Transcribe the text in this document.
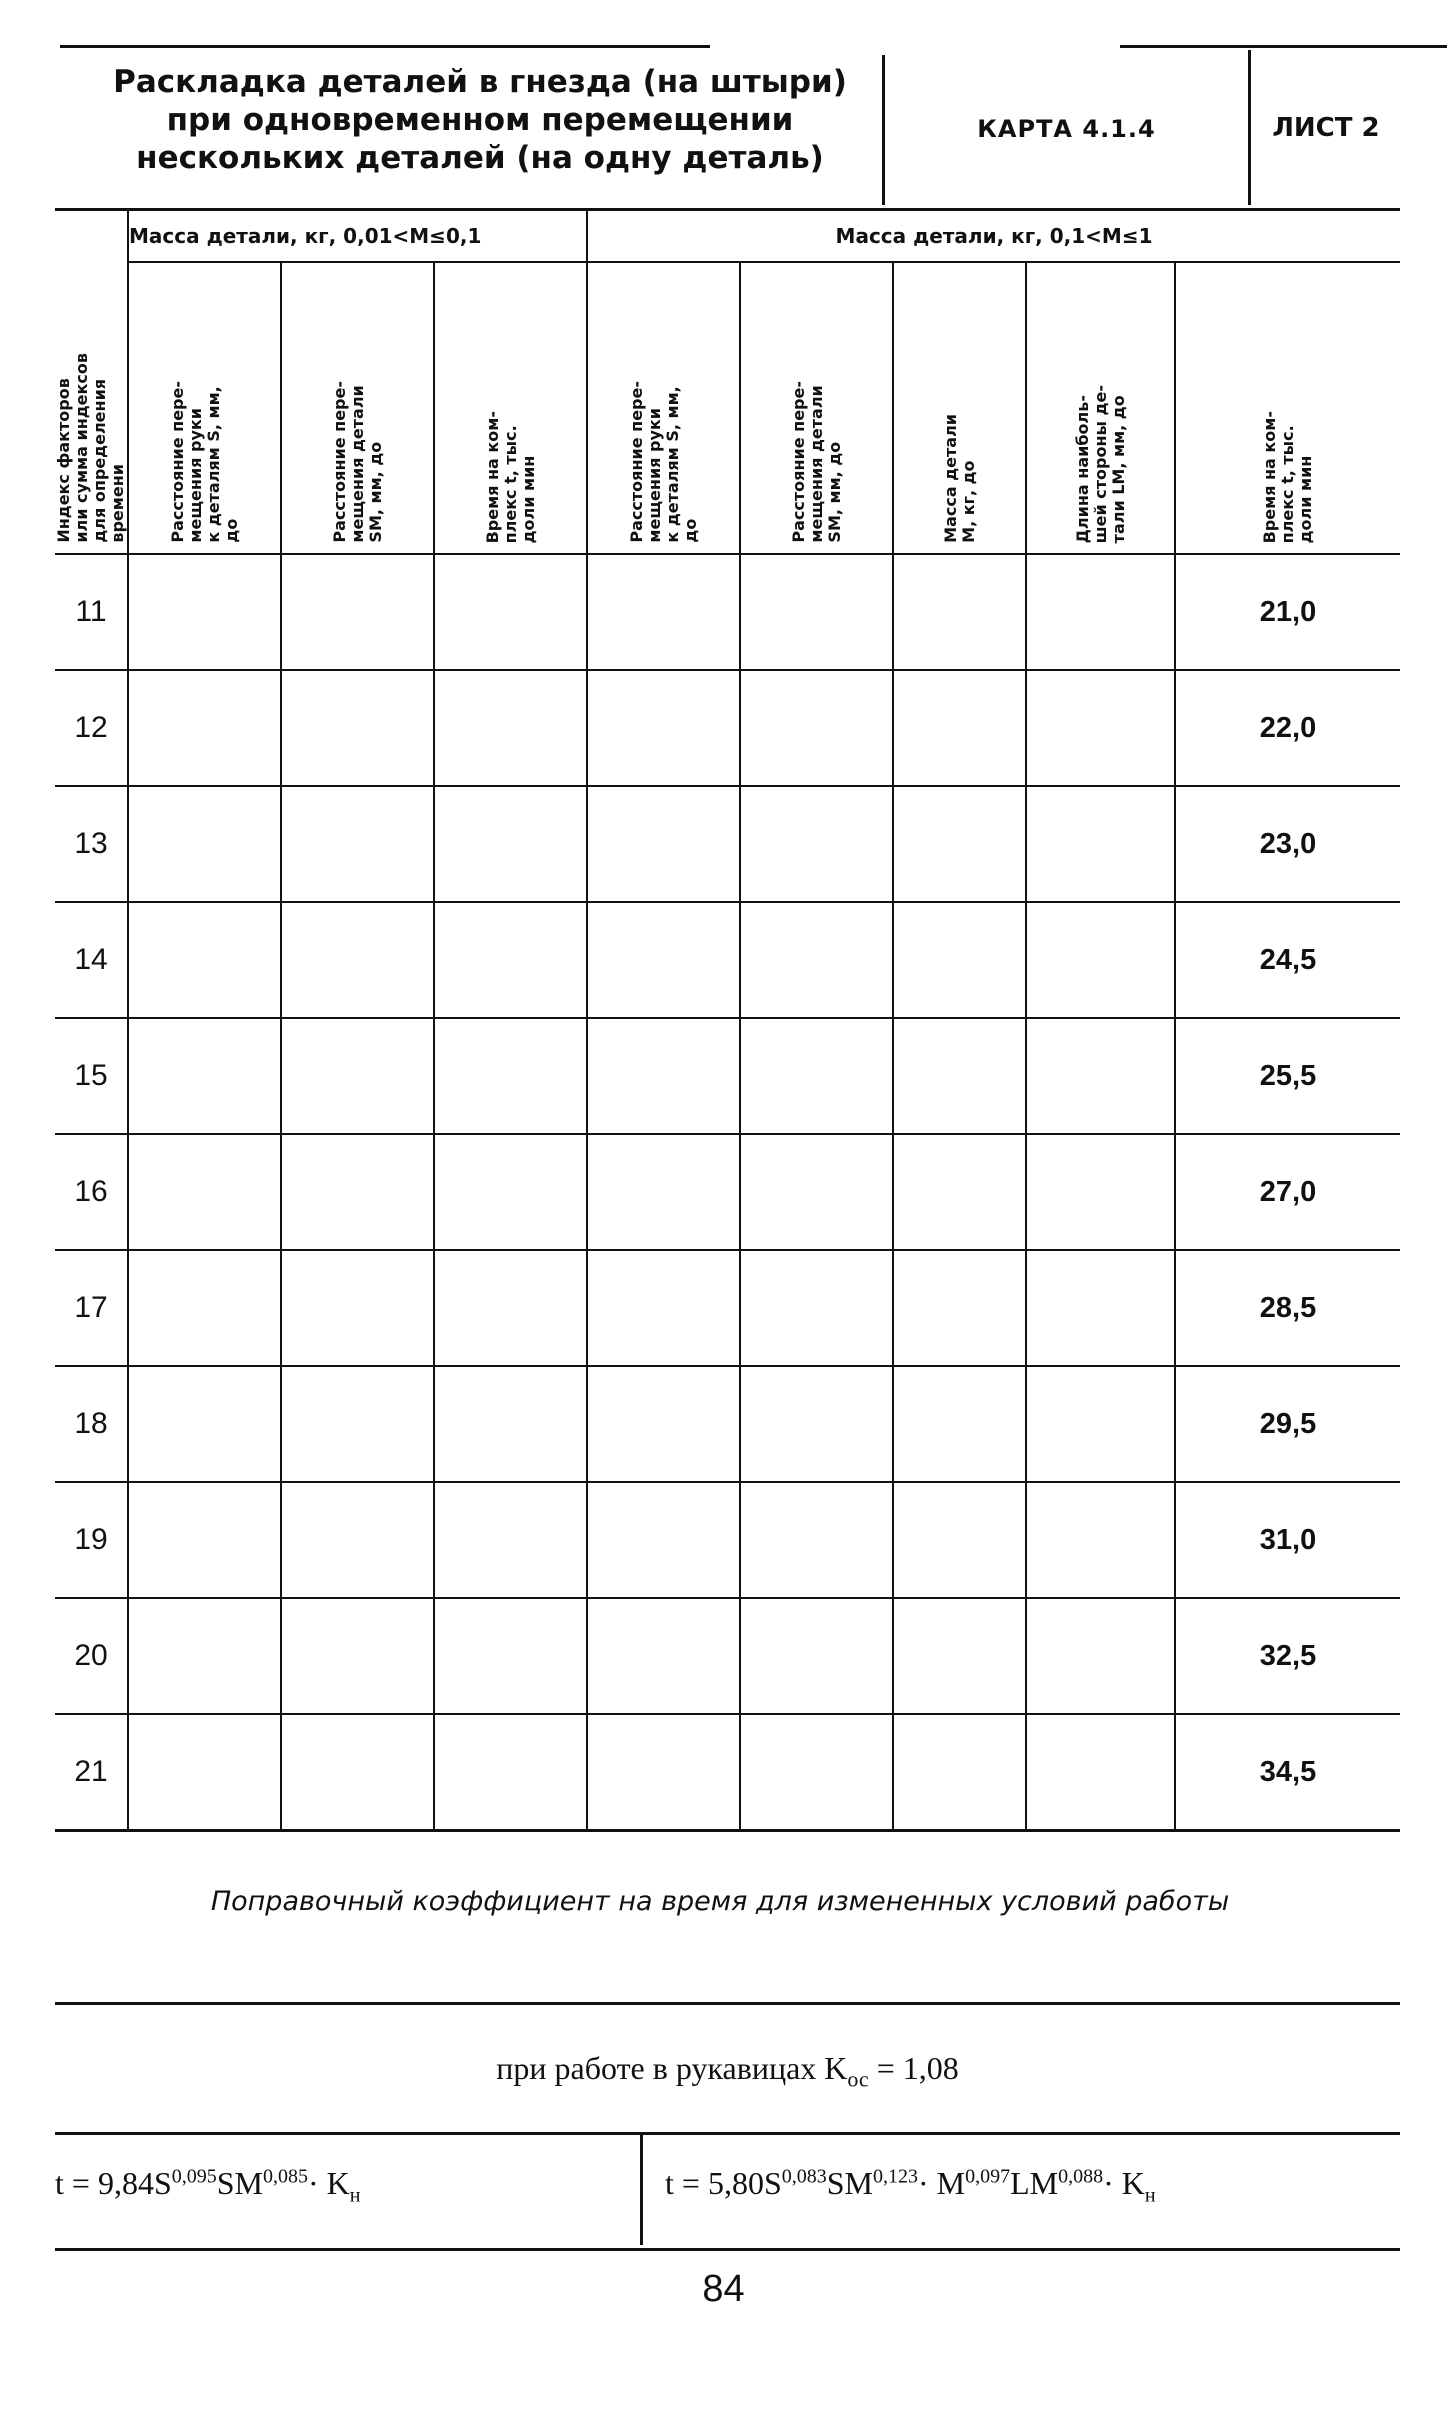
Раскладка деталей в гнезда (на штыри)
при одновременном перемещении
нескольких деталей (на одну деталь)
КАРТА 4.1.4	ЛИСТ 2
Индекс факторов
или сумма индексов
для определения
времени	Масса детали, кг, 0,01<M≤0,1			Масса детали, кг, 0,1<M≤1				

	Расстояние пере-
мещения руки
к деталям S, мм,
до	Расстояние пере-
мещения детали
SM, мм, до	Время на ком-
плекс t, тыс.
доли мин	Расстояние пере-
мещения руки
к деталям S, мм,
до	Расстояние пере-
мещения детали
SM, мм, до	Масса детали
M, кг, до	Длина наиболь-
шей стороны де-
тали LM, мм, до	Время на ком-
плекс t, тыс.
доли мин

11								21,0
12								22,0
13								23,0
14								24,5
15								25,5
16								27,0
17								28,5
18								29,5
19								31,0
20								32,5
21								34,5
Поправочный коэффициент на время для измененных условий работы
при работе в рукавицах $K_{ос} = 1,08$
$t = 9,84S^{0,095}SM^{0,085}\cdot K_н$	$t = 5,80S^{0,083}SM^{0,123}\cdot M^{0,097}LM^{0,088}\cdot K_н$
84
